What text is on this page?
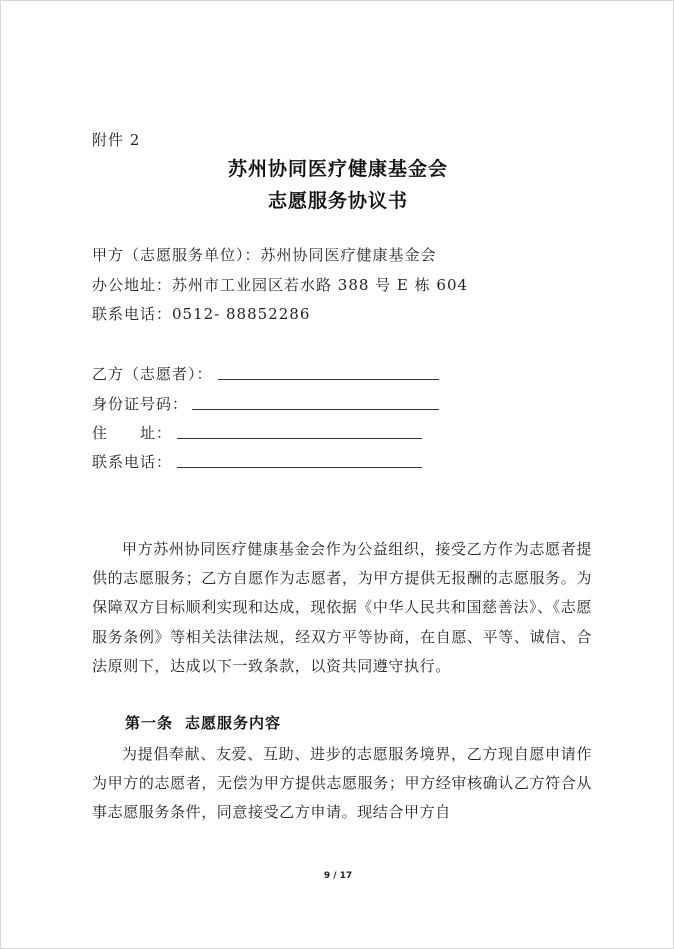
附件 2
苏州协同医疗健康基金会
志愿服务协议书
甲方（志愿服务单位）：苏州协同医疗健康基金会
办公地址：苏州市工业园区若水路 388 号 E 栋 604
联系电话：0512- 88852286
乙方（志愿者）：
身份证号码：
住　　址：
联系电话：
甲方苏州协同医疗健康基金会作为公益组织，接受乙方作为志愿者提供的志愿服务；乙方自愿作为志愿者，为甲方提供无报酬的志愿服务。为保障双方目标顺利实现和达成，现依据《中华人民共和国慈善法》、《志愿服务条例》等相关法律法规，经双方平等协商，在自愿、平等、诚信、合法原则下，达成以下一致条款，以资共同遵守执行。
第一条 志愿服务内容
为提倡奉献、友爱、互助、进步的志愿服务境界，乙方现自愿申请作为甲方的志愿者，无偿为甲方提供志愿服务；甲方经审核确认乙方符合从事志愿服务条件，同意接受乙方申请。现结合甲方自
9 / 17
